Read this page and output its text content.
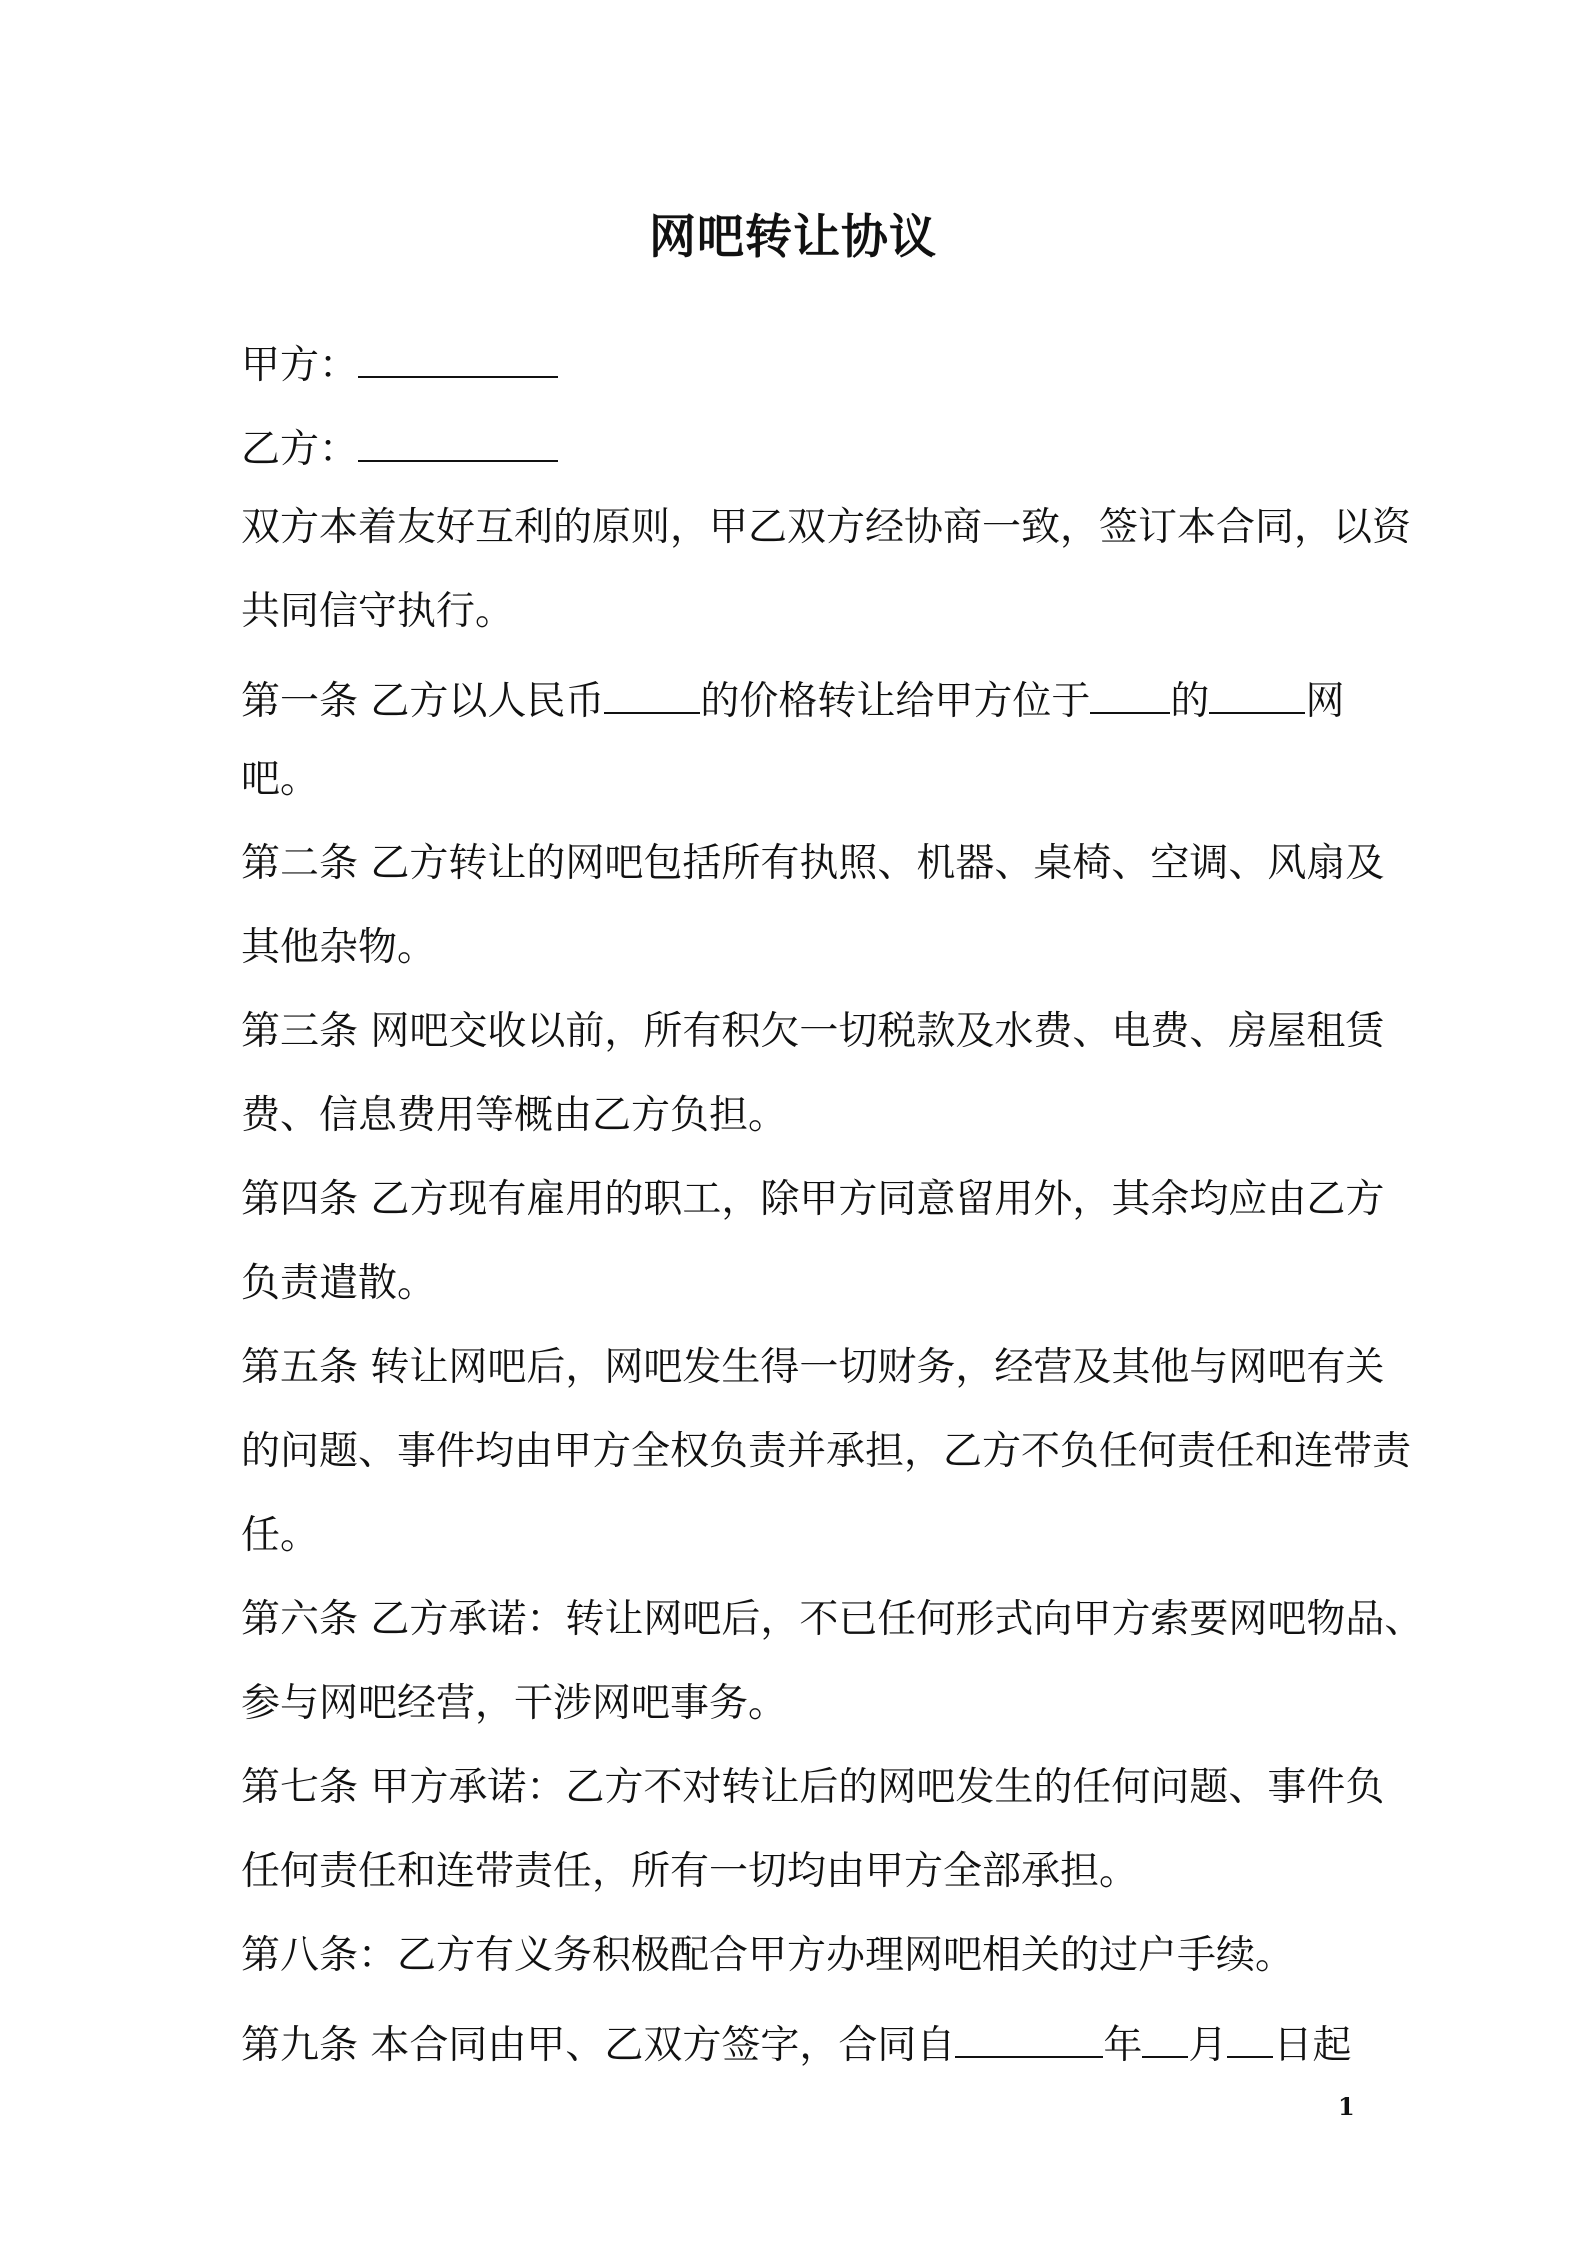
网吧转让协议
甲方：
乙方：
双方本着友好互利的原则，甲乙双方经协商一致，签订本合同，以资
共同信守执行。
第一条 乙方以人民币 的价格转让给甲方位于 的 网
吧。
第二条 乙方转让的网吧包括所有执照、机器、桌椅、空调、风扇及
其他杂物。
第三条 网吧交收以前，所有积欠一切税款及水费、电费、房屋租赁
费、信息费用等概由乙方负担。
第四条 乙方现有雇用的职工，除甲方同意留用外，其余均应由乙方
负责遣散。
第五条 转让网吧后，网吧发生得一切财务，经营及其他与网吧有关
的问题、事件均由甲方全权负责并承担，乙方不负任何责任和连带责
任。
第六条 乙方承诺：转让网吧后，不已任何形式向甲方索要网吧物品、
参与网吧经营，干涉网吧事务。
第七条 甲方承诺：乙方不对转让后的网吧发生的任何问题、事件负
任何责任和连带责任，所有一切均由甲方全部承担。
第八条：乙方有义务积极配合甲方办理网吧相关的过户手续。
第九条 本合同由甲、乙双方签字，合同自	年 月 日起
1
